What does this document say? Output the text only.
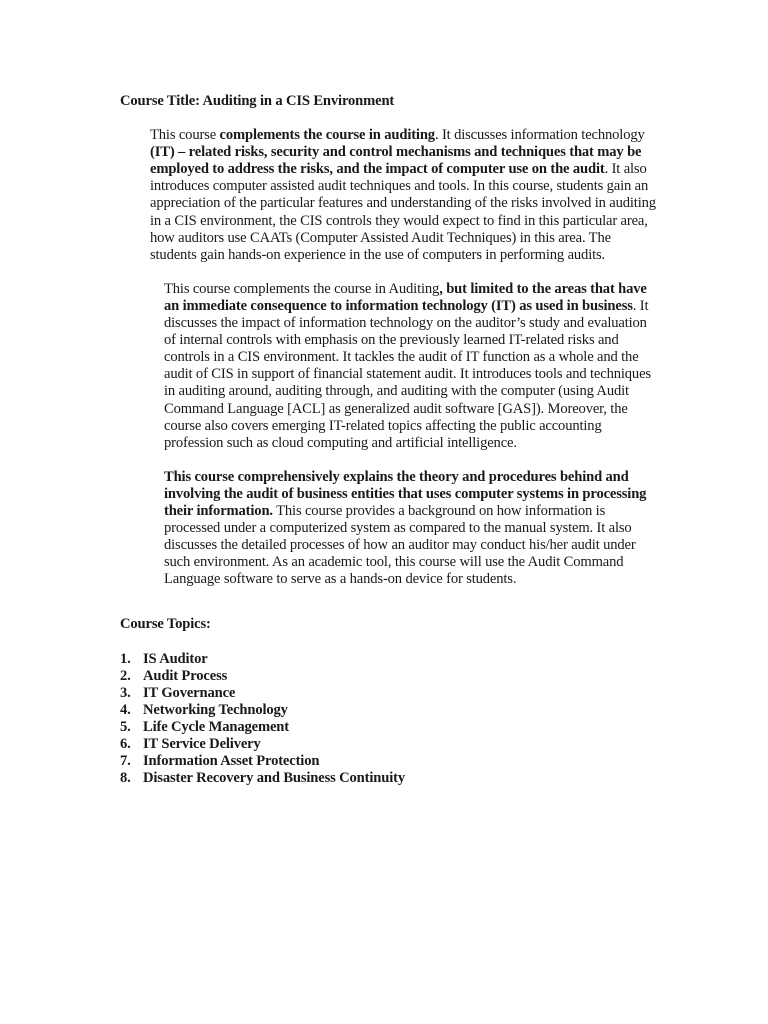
Course Title: Auditing in a CIS Environment

This course complements the course in auditing. It discusses information technology (IT) – related risks, security and control mechanisms and techniques that may be employed to address the risks, and the impact of computer use on the audit. It also introduces computer assisted audit techniques and tools. In this course, students gain an appreciation of the particular features and understanding of the risks involved in auditing in a CIS environment, the CIS controls they would expect to find in this particular area, how auditors use CAATs (Computer Assisted Audit Techniques) in this area. The students gain hands-on experience in the use of computers in performing audits.

This course complements the course in Auditing, but limited to the areas that have an immediate consequence to information technology (IT) as used in business. It discusses the impact of information technology on the auditor’s study and evaluation of internal controls with emphasis on the previously learned IT-related risks and controls in a CIS environment. It tackles the audit of IT function as a whole and the audit of CIS in support of financial statement audit. It introduces tools and techniques in auditing around, auditing through, and auditing with the computer (using Audit Command Language [ACL] as generalized audit software [GAS]). Moreover, the course also covers emerging IT-related topics affecting the public accounting profession such as cloud computing and artificial intelligence.

This course comprehensively explains the theory and procedures behind and involving the audit of business entities that uses computer systems in processing their information. This course provides a background on how information is processed under a computerized system as compared to the manual system. It also discusses the detailed processes of how an auditor may conduct his/her audit under such environment. As an academic tool, this course will use the Audit Command Language software to serve as a hands-on device for students.

Course Topics:
1. IS Auditor
2. Audit Process
3. IT Governance
4. Networking Technology
5. Life Cycle Management
6. IT Service Delivery
7. Information Asset Protection
8. Disaster Recovery and Business Continuity
